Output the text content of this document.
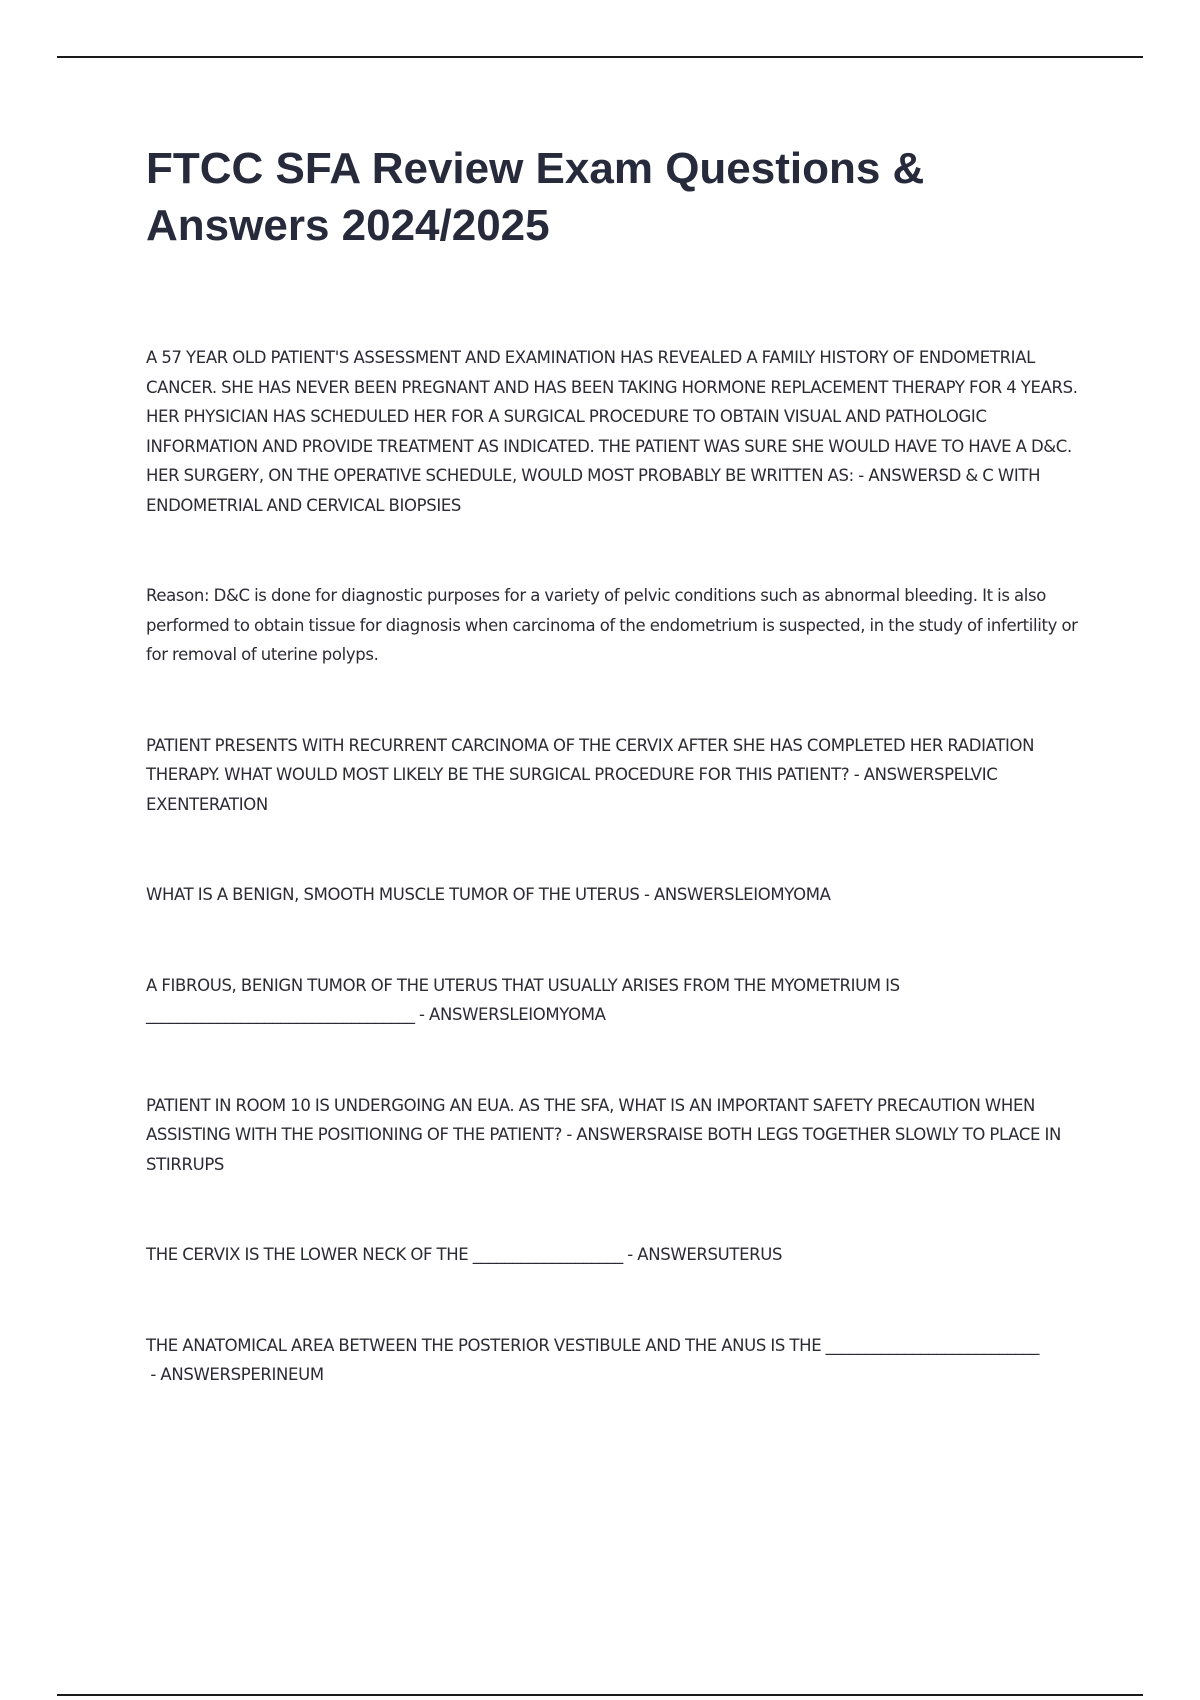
FTCC SFA Review Exam Questions & Answers 2024/2025

A 57 YEAR OLD PATIENT'S ASSESSMENT AND EXAMINATION HAS REVEALED A FAMILY HISTORY OF ENDOMETRIAL CANCER. SHE HAS NEVER BEEN PREGNANT AND HAS BEEN TAKING HORMONE REPLACEMENT THERAPY FOR 4 YEARS. HER PHYSICIAN HAS SCHEDULED HER FOR A SURGICAL PROCEDURE TO OBTAIN VISUAL AND PATHOLOGIC INFORMATION AND PROVIDE TREATMENT AS INDICATED. THE PATIENT WAS SURE SHE WOULD HAVE TO HAVE A D&C. HER SURGERY, ON THE OPERATIVE SCHEDULE, WOULD MOST PROBABLY BE WRITTEN AS: - ANSWERSD & C WITH ENDOMETRIAL AND CERVICAL BIOPSIES

Reason: D&C is done for diagnostic purposes for a variety of pelvic conditions such as abnormal bleeding. It is also performed to obtain tissue for diagnosis when carcinoma of the endometrium is suspected, in the study of infertility or for removal of uterine polyps.

PATIENT PRESENTS WITH RECURRENT CARCINOMA OF THE CERVIX AFTER SHE HAS COMPLETED HER RADIATION THERAPY. WHAT WOULD MOST LIKELY BE THE SURGICAL PROCEDURE FOR THIS PATIENT? - ANSWERSPELVIC EXENTERATION

WHAT IS A BENIGN, SMOOTH MUSCLE TUMOR OF THE UTERUS - ANSWERSLEIOMYOMA

A FIBROUS, BENIGN TUMOR OF THE UTERUS THAT USUALLY ARISES FROM THE MYOMETRIUM IS __________________________________ - ANSWERSLEIOMYOMA

PATIENT IN ROOM 10 IS UNDERGOING AN EUA. AS THE SFA, WHAT IS AN IMPORTANT SAFETY PRECAUTION WHEN ASSISTING WITH THE POSITIONING OF THE PATIENT? - ANSWERSRAISE BOTH LEGS TOGETHER SLOWLY TO PLACE IN STIRRUPS

THE CERVIX IS THE LOWER NECK OF THE ___________________ - ANSWERSUTERUS

THE ANATOMICAL AREA BETWEEN THE POSTERIOR VESTIBULE AND THE ANUS IS THE ___________________________ - ANSWERSPERINEUM
